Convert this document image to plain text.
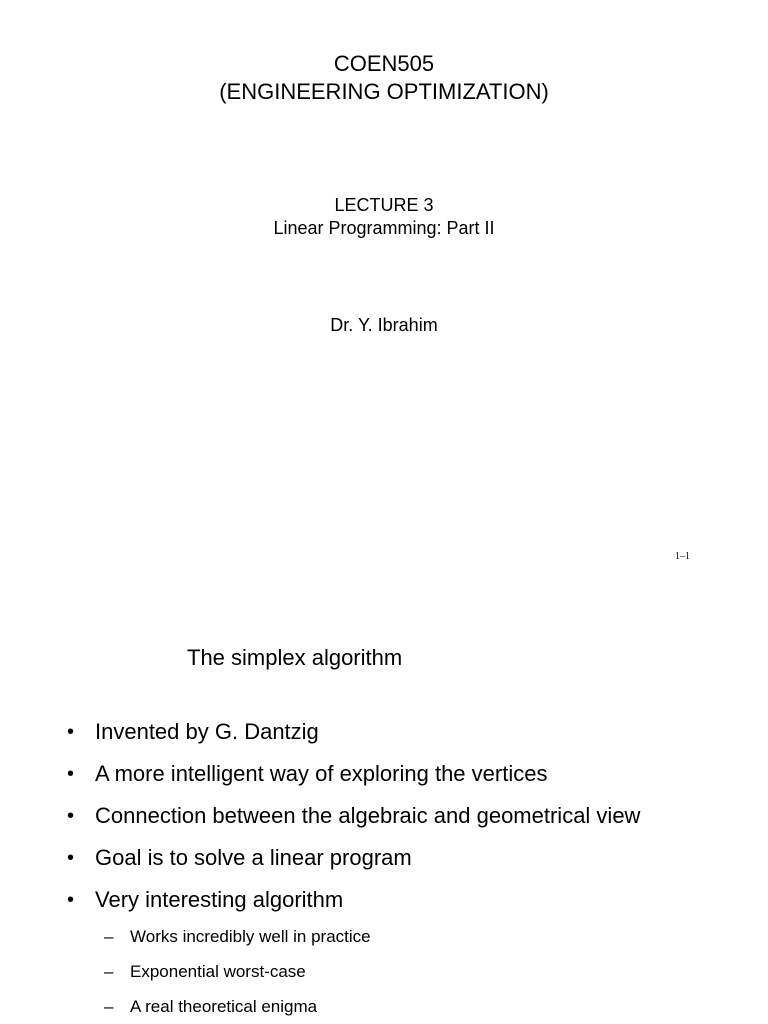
COEN505
(ENGINEERING OPTIMIZATION)
LECTURE 3
Linear Programming: Part II
Dr. Y. Ibrahim
1–1
The simplex algorithm
• Invented by G. Dantzig
• A more intelligent way of exploring the vertices
• Connection between the algebraic and geometrical view
• Goal is to solve a linear program
• Very interesting algorithm
– Works incredibly well in practice
– Exponential worst-case
– A real theoretical enigma
